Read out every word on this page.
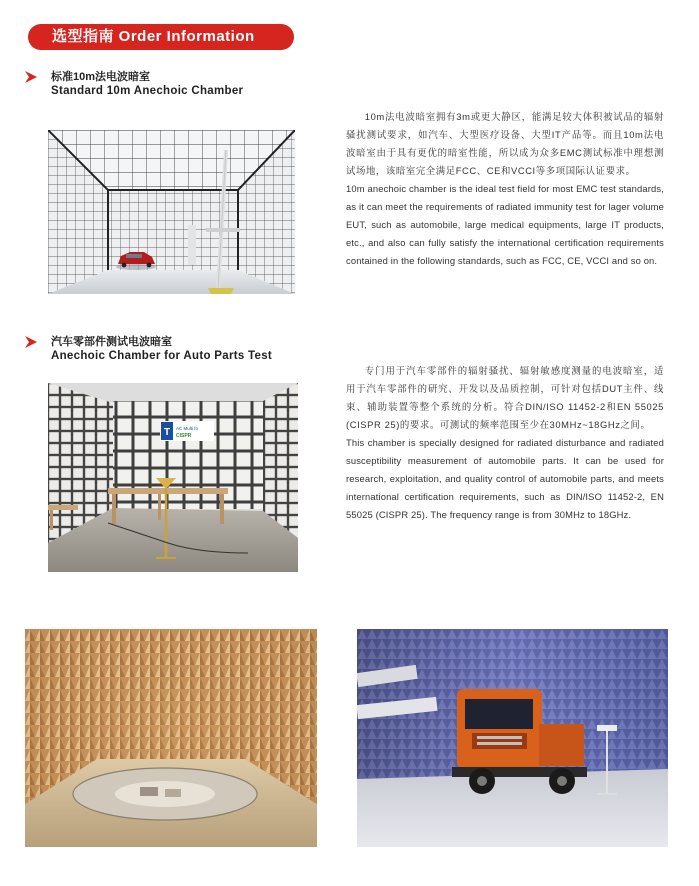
选型指南 Order Information
标准10m法电波暗室
Standard 10m Anechoic Chamber

10m法电波暗室拥有3m或更大静区，能满足较大体积被试品的辐射骚扰测试要求，如汽车、大型医疗设备、大型IT产品等。而且10m法电波暗室由于具有更优的暗室性能，所以成为众多EMC测试标准中理想测试场地，该暗室完全满足FCC、CE和VCCI等多项国际认证要求。

10m anechoic chamber is the ideal test field for most EMC test standards, as it can meet the requirements of radiated immunity test for lager volume EUT, such as automobile, large medical equipments, large IT products, etc., and also can fully satisfy the international certification requirements contained in the following standards, such as FCC, CE, VCCI and so on.

汽车零部件测试电波暗室
Anechoic Chamber for Auto Parts Test
T AC Multi fo
CISPR

专门用于汽车零部件的辐射骚扰、辐射敏感度测量的电波暗室，适用于汽车零部件的研究、开发以及品质控制，可针对包括DUT主件、线束、辅助装置等整个系统的分析。符合DIN/ISO 11452-2和EN 55025 (CISPR 25)的要求。可测试的频率范围至少在30MHz~18GHz之间。

This chamber is specially designed for radiated disturbance and radiated susceptibility measurement of automobile parts. It can be used for research, exploitation, and quality control of automobile parts, and meets international certification requirements, such as DIN/ISO 11452-2, EN 55025 (CISPR 25). The frequency range is from 30MHz to 18GHz.
